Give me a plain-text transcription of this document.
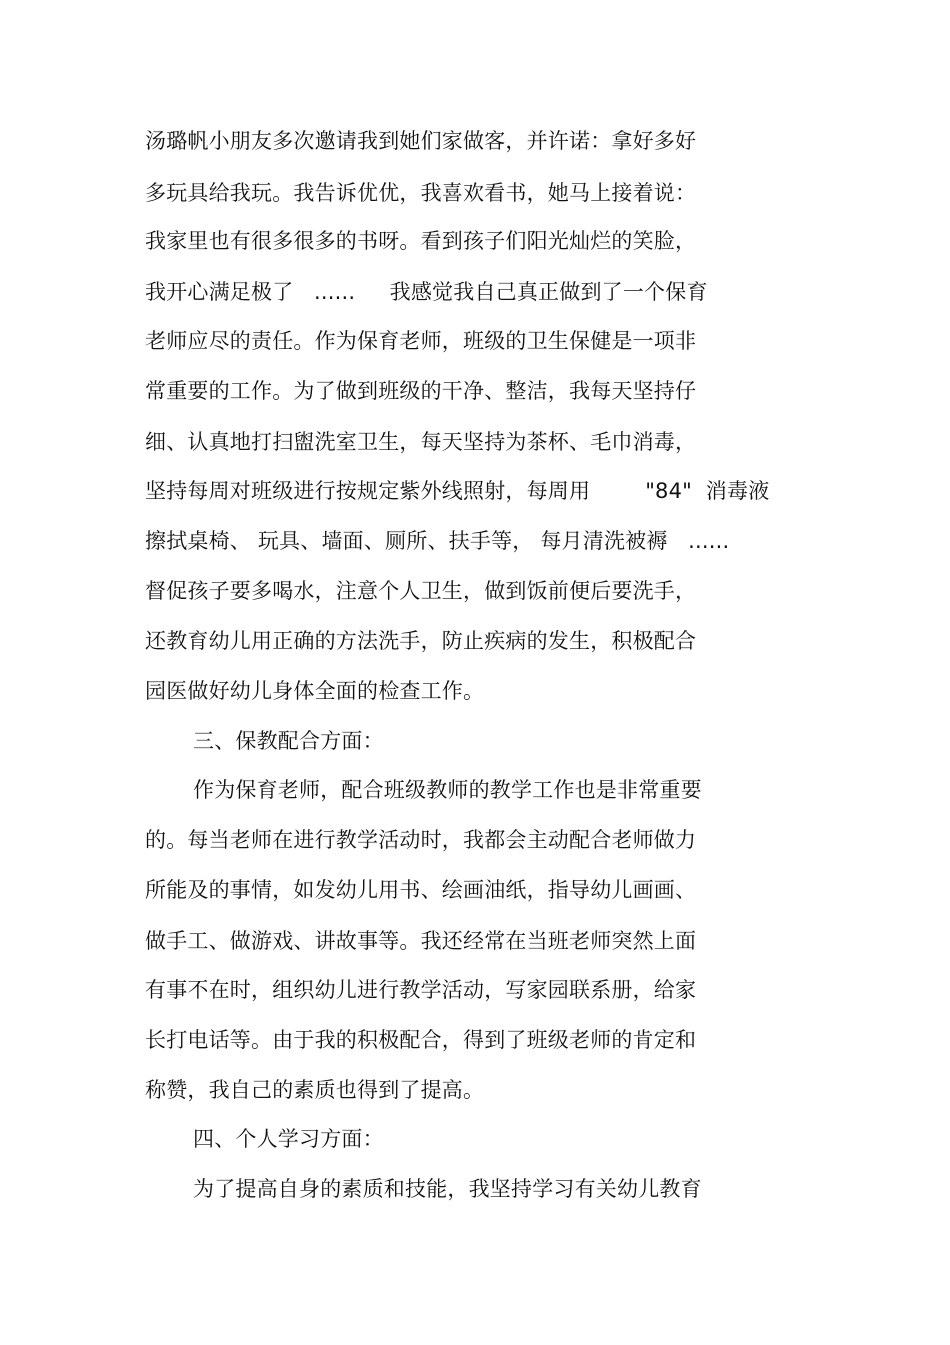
汤璐帆小朋友多次邀请我到她们家做客，并许诺：拿好多好
多玩具给我玩。我告诉优优，我喜欢看书，她马上接着说：
我家里也有很多很多的书呀。看到孩子们阳光灿烂的笑脸，
我开心满足极了   ......     我感觉我自己真正做到了一个保育
老师应尽的责任。作为保育老师，班级的卫生保健是一项非
常重要的工作。为了做到班级的干净、整洁，我每天坚持仔
细、认真地打扫盥洗室卫生，每天坚持为茶杯、毛巾消毒，
坚持每周对班级进行按规定紫外线照射，每周用        "84"  消毒液
擦拭桌椅、 玩具、墙面、厕所、扶手等， 每月清洗被褥   ......
督促孩子要多喝水，注意个人卫生，做到饭前便后要洗手，
还教育幼儿用正确的方法洗手，防止疾病的发生，积极配合
园医做好幼儿身体全面的检查工作。
三、保教配合方面：
作为保育老师，配合班级教师的教学工作也是非常重要
的。每当老师在进行教学活动时，我都会主动配合老师做力
所能及的事情，如发幼儿用书、绘画油纸，指导幼儿画画、
做手工、做游戏、讲故事等。我还经常在当班老师突然上面
有事不在时，组织幼儿进行教学活动，写家园联系册，给家
长打电话等。由于我的积极配合，得到了班级老师的肯定和
称赞，我自己的素质也得到了提高。
四、个人学习方面：
为了提高自身的素质和技能，我坚持学习有关幼儿教育
